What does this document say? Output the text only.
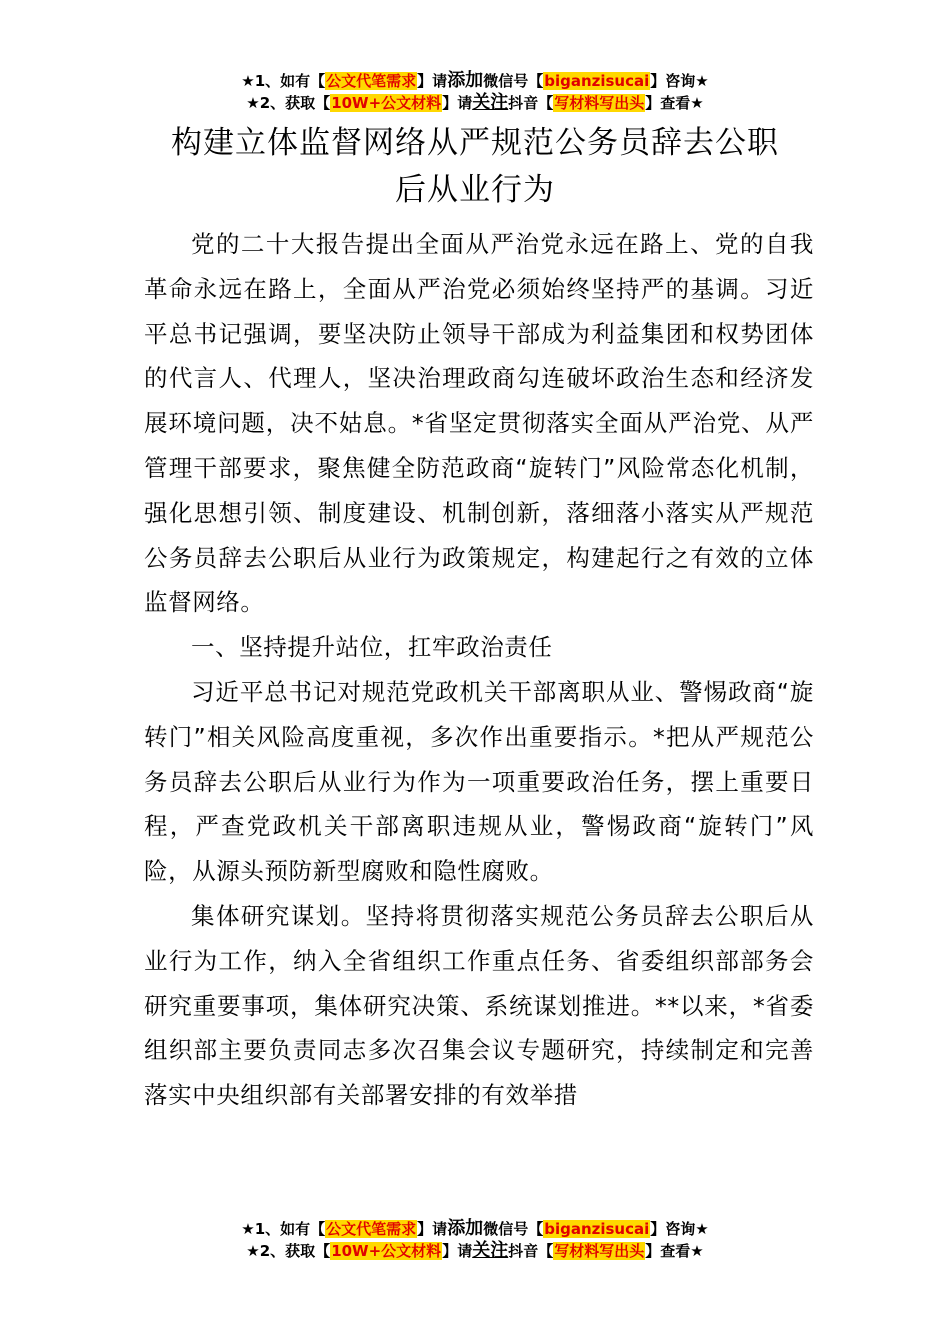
★1、如有【公文代笔需求】请添加微信号【biganzisucai】咨询★
★2、获取【10W+公文材料】请关注抖音【写材料写出头】查看★
构建立体监督网络从严规范公务员辞去公职
后从业行为

党的二十大报告提出全面从严治党永远在路上、党的自我革命永远在路上，全面从严治党必须始终坚持严的基调。习近平总书记强调，要坚决防止领导干部成为利益集团和权势团体的代言人、代理人，坚决治理政商勾连破坏政治生态和经济发展环境问题，决不姑息。*省坚定贯彻落实全面从严治党、从严管理干部要求，聚焦健全防范政商“旋转门”风险常态化机制，强化思想引领、制度建设、机制创新，落细落小落实从严规范公务员辞去公职后从业行为政策规定，构建起行之有效的立体监督网络。

一、坚持提升站位，扛牢政治责任

习近平总书记对规范党政机关干部离职从业、警惕政商“旋转门”相关风险高度重视，多次作出重要指示。*把从严规范公务员辞去公职后从业行为作为一项重要政治任务，摆上重要日程，严查党政机关干部离职违规从业，警惕政商“旋转门”风险，从源头预防新型腐败和隐性腐败。

集体研究谋划。坚持将贯彻落实规范公务员辞去公职后从业行为工作，纳入全省组织工作重点任务、省委组织部部务会研究重要事项，集体研究决策、系统谋划推进。**以来，*省委组织部主要负责同志多次召集会议专题研究，持续制定和完善落实中央组织部有关部署安排的有效举措

★1、如有【公文代笔需求】请添加微信号【biganzisucai】咨询★
★2、获取【10W+公文材料】请关注抖音【写材料写出头】查看★
